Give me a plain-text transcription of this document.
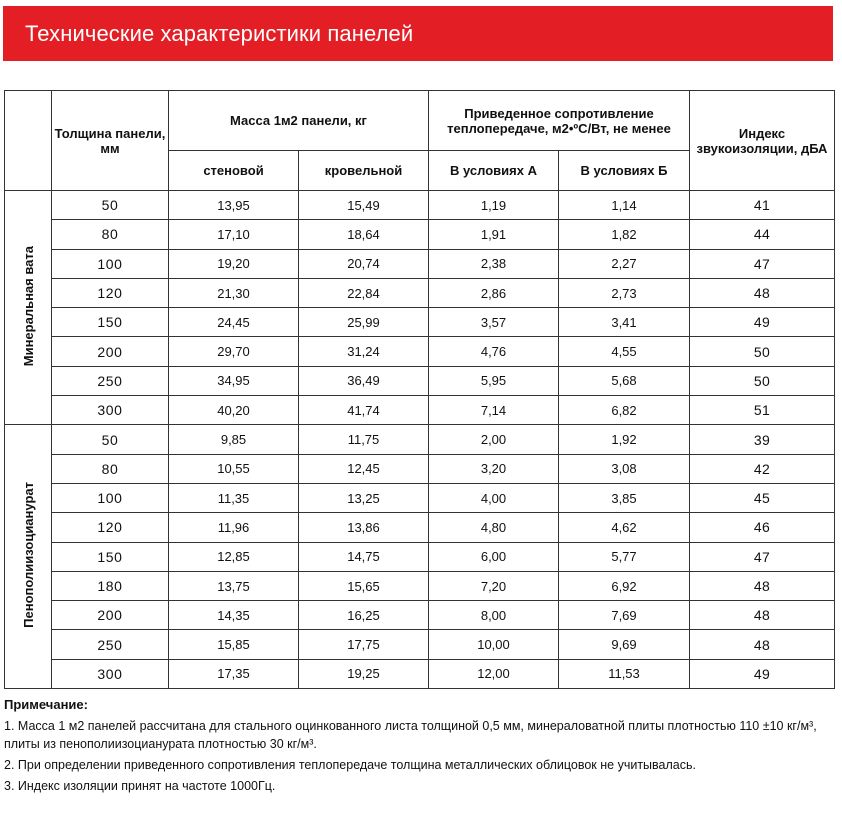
Технические характеристики панелей
	Толщина панели, мм	Масса 1м2 панели, кг		Приведенное сопротивление теплопередаче, м2•ºС/Вт, не менее		Индекс звукоизоляции, дБА
		стеновой	кровельной	В условиях А	В условиях Б	
Минеральная вата	50	13,95	15,49	1,19	1,14	41
	80	17,10	18,64	1,91	1,82	44
	100	19,20	20,74	2,38	2,27	47
	120	21,30	22,84	2,86	2,73	48
	150	24,45	25,99	3,57	3,41	49
	200	29,70	31,24	4,76	4,55	50
	250	34,95	36,49	5,95	5,68	50
	300	40,20	41,74	7,14	6,82	51
Пенополиизоцианурат	50	9,85	11,75	2,00	1,92	39
	80	10,55	12,45	3,20	3,08	42
	100	11,35	13,25	4,00	3,85	45
	120	11,96	13,86	4,80	4,62	46
	150	12,85	14,75	6,00	5,77	47
	180	13,75	15,65	7,20	6,92	48
	200	14,35	16,25	8,00	7,69	48
	250	15,85	17,75	10,00	9,69	48
	300	17,35	19,25	12,00	11,53	49
Примечание:

1. Масса 1 м2 панелей рассчитана для стального оцинкованного листа толщиной 0,5 мм, минераловатной плиты плотностью 110 ±10 кг/м³, плиты из пенополиизоцианурата плотностью 30 кг/м³.

2. При определении приведенного сопротивления теплопередаче толщина металлических облицовок не учитывалась.

3. Индекс изоляции принят на частоте 1000Гц.
